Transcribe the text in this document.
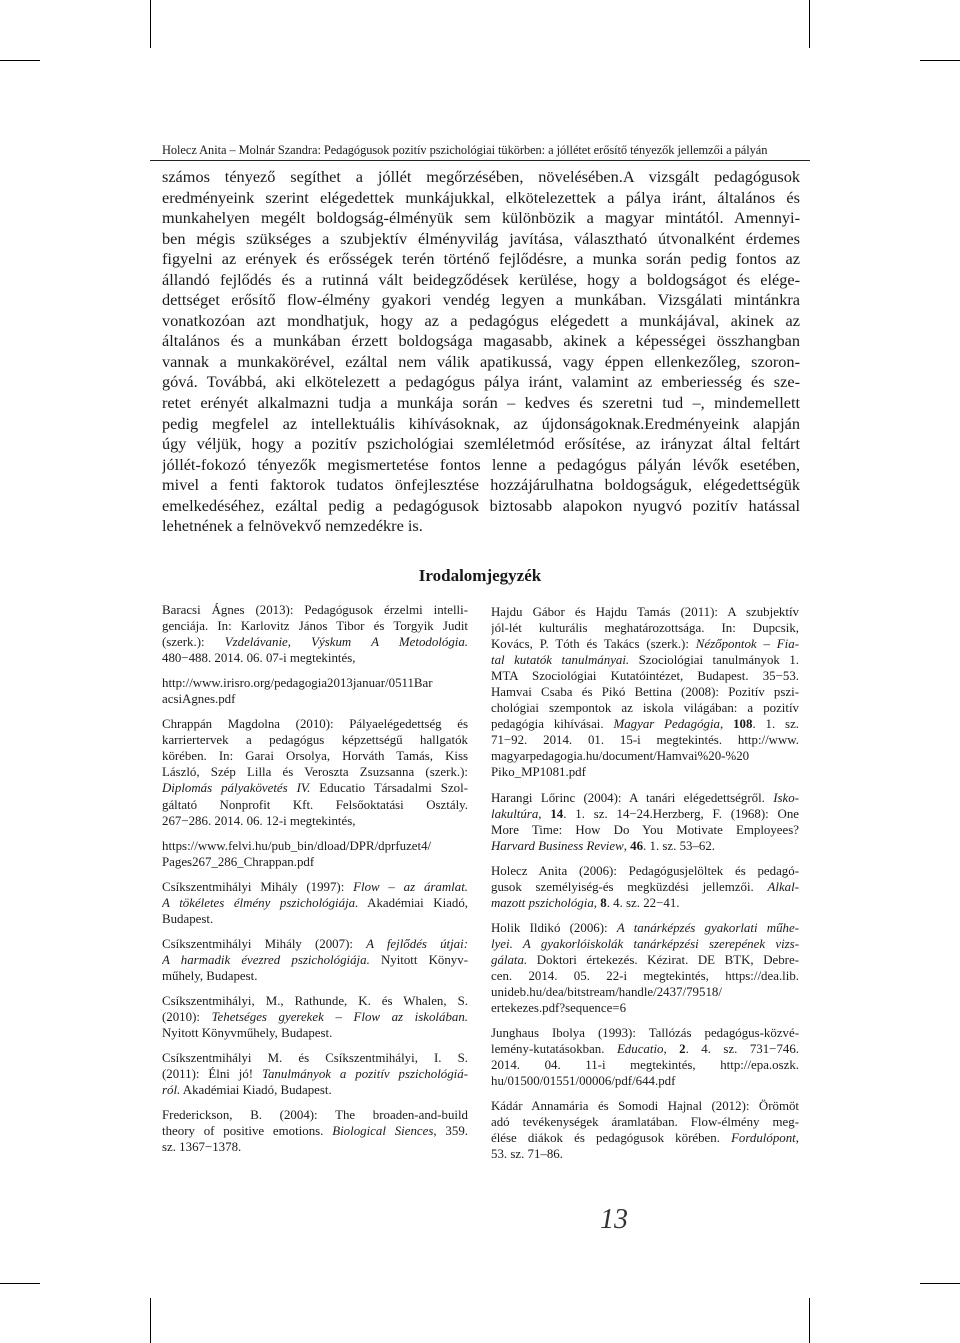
Holecz Anita – Molnár Szandra: Pedagógusok pozitív pszichológiai tükörben: a jóllétet erősítő tényezők jellemzői a pályán
számos tényező segíthet a jóllét megőrzésében, növelésében.A vizsgált pedagógusok
eredményeink szerint elégedettek munkájukkal, elkötelezettek a pálya iránt, általános és
munkahelyen megélt boldogság-élményük sem különbözik a magyar mintától. Amennyi-
ben mégis szükséges a szubjektív élményvilág javítása, választható útvonalként érdemes
figyelni az erények és erősségek terén történő fejlődésre, a munka során pedig fontos az
állandó fejlődés és a rutinná vált beidegződések kerülése, hogy a boldogságot és elége-
dettséget erősítő flow-élmény gyakori vendég legyen a munkában. Vizsgálati mintánkra
vonatkozóan azt mondhatjuk, hogy az a pedagógus elégedett a munkájával, akinek az
általános és a munkában érzett boldogsága magasabb, akinek a képességei összhangban
vannak a munkakörével, ezáltal nem válik apatikussá, vagy éppen ellenkezőleg, szoron-
góvá. Továbbá, aki elkötelezett a pedagógus pálya iránt, valamint az emberiesség és sze-
retet erényét alkalmazni tudja a munkája során – kedves és szeretni tud –, mindemellett
pedig megfelel az intellektuális kihívásoknak, az újdonságoknak.Eredményeink alapján
úgy véljük, hogy a pozitív pszichológiai szemléletmód erősítése, az irányzat által feltárt
jóllét-fokozó tényezők megismertetése fontos lenne a pedagógus pályán lévők esetében,
mivel a fenti faktorok tudatos önfejlesztése hozzájárulhatna boldogságuk, elégedettségük
emelkedéséhez, ezáltal pedig a pedagógusok biztosabb alapokon nyugvó pozitív hatással
lehetnének a felnövekvő nemzedékre is.
Irodalomjegyzék
Baracsi Ágnes (2013): Pedagógusok érzelmi intelli-
genciája. In: Karlovitz János Tibor és Torgyik Judit
(szerk.): Vzdelávanie, Výskum A Metodológia.
480−488. 2014. 06. 07-i megtekintés,
http://www.irisro.org/pedagogia2013januar/0511Bar
acsiAgnes.pdf
Chrappán Magdolna (2010): Pályaelégedettség és
karriertervek a pedagógus képzettségű hallgatók
körében. In: Garai Orsolya, Horváth Tamás, Kiss
László, Szép Lilla és Veroszta Zsuzsanna (szerk.):
Diplomás pályakövetés IV. Educatio Társadalmi Szol-
gáltató Nonprofit Kft. Felsőoktatási Osztály.
267−286. 2014. 06. 12-i megtekintés,
https://www.felvi.hu/pub_bin/dload/DPR/dprfuzet4/
Pages267_286_Chrappan.pdf
Csíkszentmihályi Mihály (1997): Flow – az áramlat.
A tökéletes élmény pszichológiája. Akadémiai Kiadó,
Budapest.
Csíkszentmihályi Mihály (2007): A fejlődés útjai:
A harmadik évezred pszichológiája. Nyitott Könyv-
műhely, Budapest.
Csíkszentmihályi, M., Rathunde, K. és Whalen, S.
(2010): Tehetséges gyerekek – Flow az iskolában.
Nyitott Könyvműhely, Budapest.
Csíkszentmihályi M. és Csíkszentmihályi, I. S.
(2011): Élni jó! Tanulmányok a pozitív pszichológiá-
ról. Akadémiai Kiadó, Budapest.
Frederickson, B. (2004): The broaden-and-build
theory of positive emotions. Biological Siences, 359.
sz. 1367−1378.
Hajdu Gábor és Hajdu Tamás (2011): A szubjektív
jól-lét kulturális meghatározottsága. In: Dupcsik,
Kovács, P. Tóth és Takács (szerk.): Nézőpontok – Fia-
tal kutatók tanulmányai. Szociológiai tanulmányok 1.
MTA Szociológiai Kutatóintézet, Budapest. 35−53.
Hamvai Csaba és Pikó Bettina (2008): Pozitív pszi-
chológiai szempontok az iskola világában: a pozitív
pedagógia kihívásai. Magyar Pedagógia, 108. 1. sz.
71−92. 2014. 01. 15-i megtekintés. http://www.
magyarpedagogia.hu/document/Hamvai%20-%20
Piko_MP1081.pdf
Harangi Lőrinc (2004): A tanári elégedettségről. Isko-
lakultúra, 14. 1. sz. 14−24.Herzberg, F. (1968): One
More Time: How Do You Motivate Employees?
Harvard Business Review, 46. 1. sz. 53–62.
Holecz Anita (2006): Pedagógusjelöltek és pedagó-
gusok személyiség-és megküzdési jellemzői. Alkal-
mazott pszichológia, 8. 4. sz. 22−41.
Holik Ildikó (2006): A tanárképzés gyakorlati műhe-
lyei. A gyakorlóiskolák tanárképzési szerepének vizs-
gálata. Doktori értekezés. Kézirat. DE BTK, Debre-
cen. 2014. 05. 22-i megtekintés, https://dea.lib.
unideb.hu/dea/bitstream/handle/2437/79518/
ertekezes.pdf?sequence=6
Junghaus Ibolya (1993): Tallózás pedagógus-közvé-
lemény-kutatásokban. Educatio, 2. 4. sz. 731−746.
2014. 04. 11-i megtekintés, http://epa.oszk.
hu/01500/01551/00006/pdf/644.pdf
Kádár Annamária és Somodi Hajnal (2012): Örömöt
adó tevékenységek áramlatában. Flow-élmény meg-
élése diákok és pedagógusok körében. Fordulópont,
53. sz. 71–86.
13
